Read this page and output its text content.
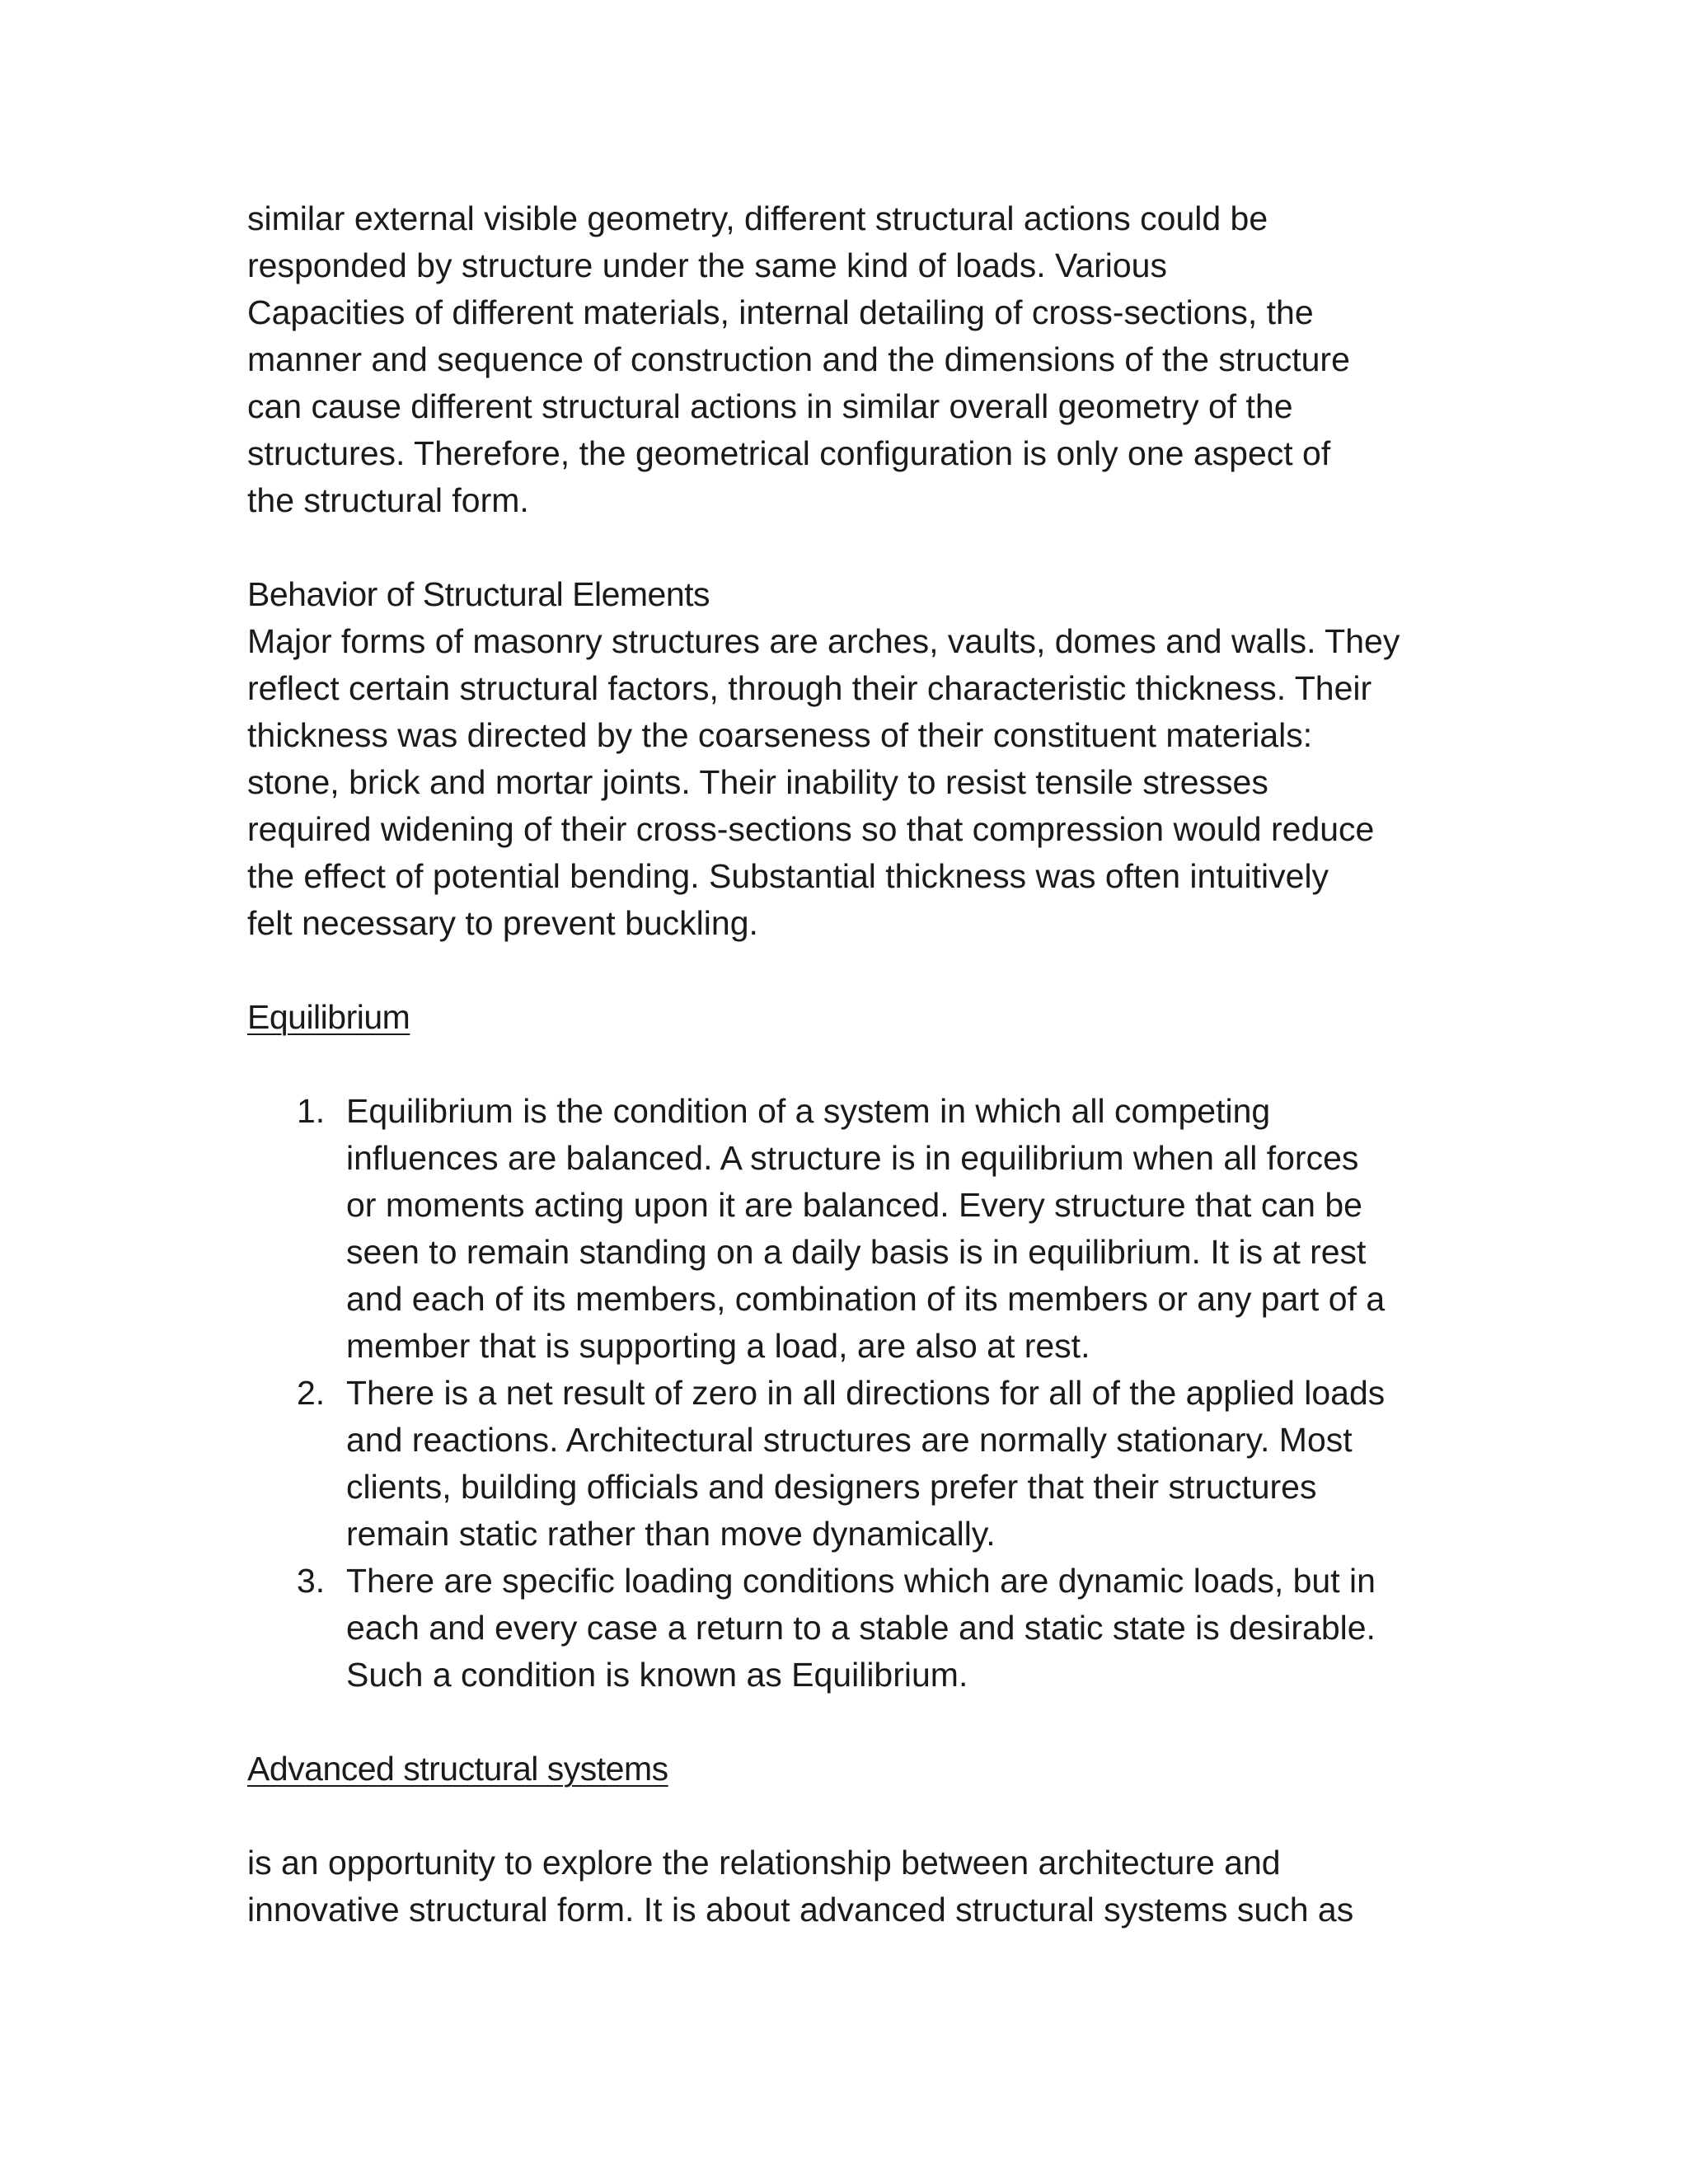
similar external visible geometry, different structural actions could be
responded by structure under the same kind of loads. Various
Capacities of different materials, internal detailing of cross-sections, the
manner and sequence of construction and the dimensions of the structure
can cause different structural actions in similar overall geometry of the
structures. Therefore, the geometrical configuration is only one aspect of
the structural form.
Behavior of Structural Elements
Major forms of masonry structures are arches, vaults, domes and walls. They
reflect certain structural factors, through their characteristic thickness. Their
thickness was directed by the coarseness of their constituent materials:
stone, brick and mortar joints. Their inability to resist tensile stresses
required widening of their cross-sections so that compression would reduce
the effect of potential bending. Substantial thickness was often intuitively
felt necessary to prevent buckling.
Equilibrium
1. Equilibrium is the condition of a system in which all competing
influences are balanced. A structure is in equilibrium when all forces
or moments acting upon it are balanced. Every structure that can be
seen to remain standing on a daily basis is in equilibrium. It is at rest
and each of its members, combination of its members or any part of a
member that is supporting a load, are also at rest.
2. There is a net result of zero in all directions for all of the applied loads
and reactions. Architectural structures are normally stationary. Most
clients, building officials and designers prefer that their structures
remain static rather than move dynamically.
3. There are specific loading conditions which are dynamic loads, but in
each and every case a return to a stable and static state is desirable.
Such a condition is known as Equilibrium.
Advanced structural systems
is an opportunity to explore the relationship between architecture and
innovative structural form. It is about advanced structural systems such as
